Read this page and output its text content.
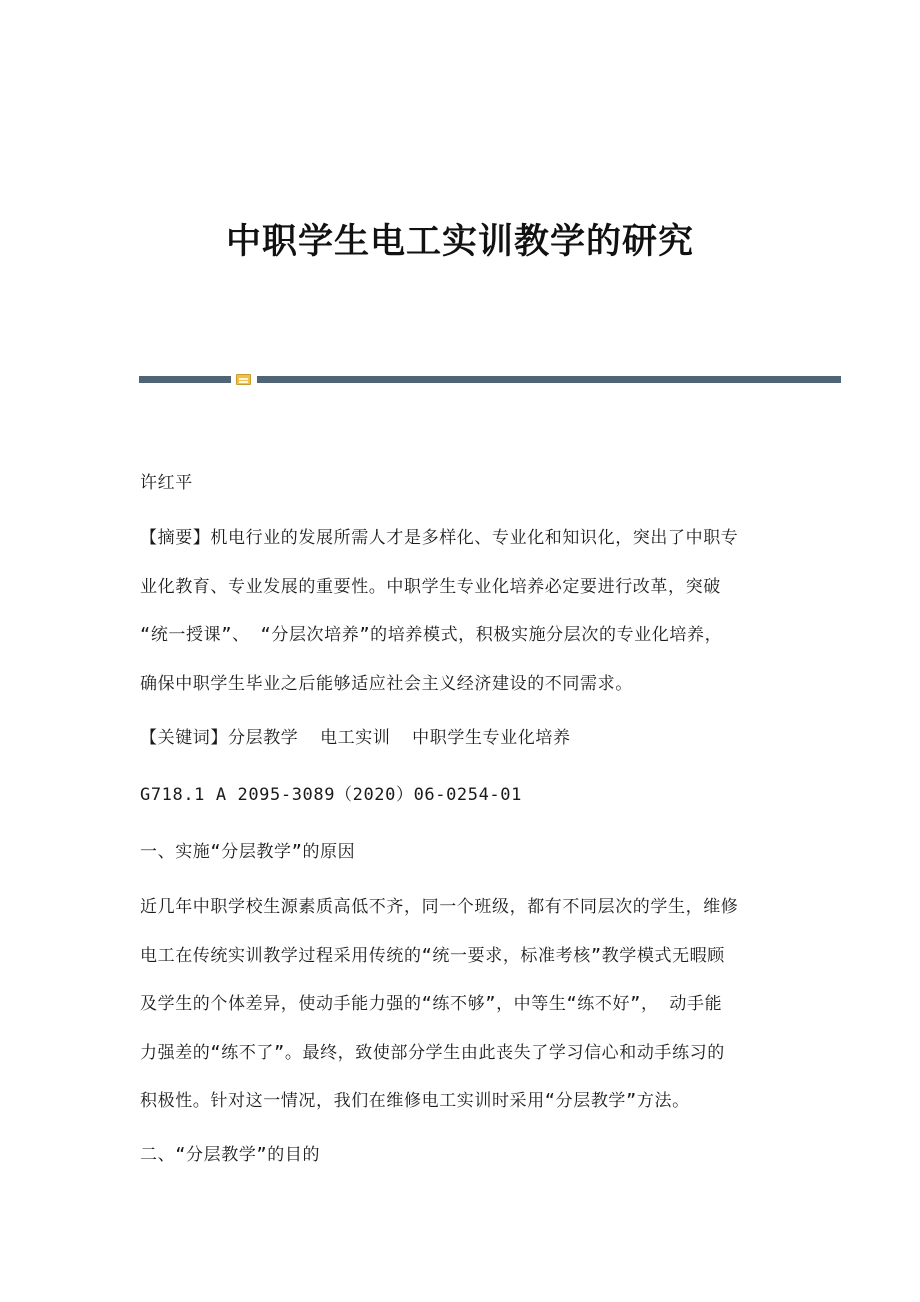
中职学生电工实训教学的研究
许红平
【摘要】机电行业的发展所需人才是多样化、专业化和知识化，突出了中职专
业化教育、专业发展的重要性。中职学生专业化培养必定要进行改革，突破
“统一授课”、 “分层次培养”的培养模式，积极实施分层次的专业化培养，
确保中职学生毕业之后能够适应社会主义经济建设的不同需求。
【关键词】分层教学  电工实训  中职学生专业化培养
G718.1 A 2095-3089（2020）06-0254-01
一、实施“分层教学”的原因
近几年中职学校生源素质高低不齐，同一个班级，都有不同层次的学生，维修
电工在传统实训教学过程采用传统的“统一要求，标准考核”教学模式无暇顾
及学生的个体差异，使动手能力强的“练不够”，中等生“练不好”， 动手能
力强差的“练不了”。最终，致使部分学生由此丧失了学习信心和动手练习的
积极性。针对这一情况，我们在维修电工实训时采用“分层教学”方法。
二、“分层教学”的目的
